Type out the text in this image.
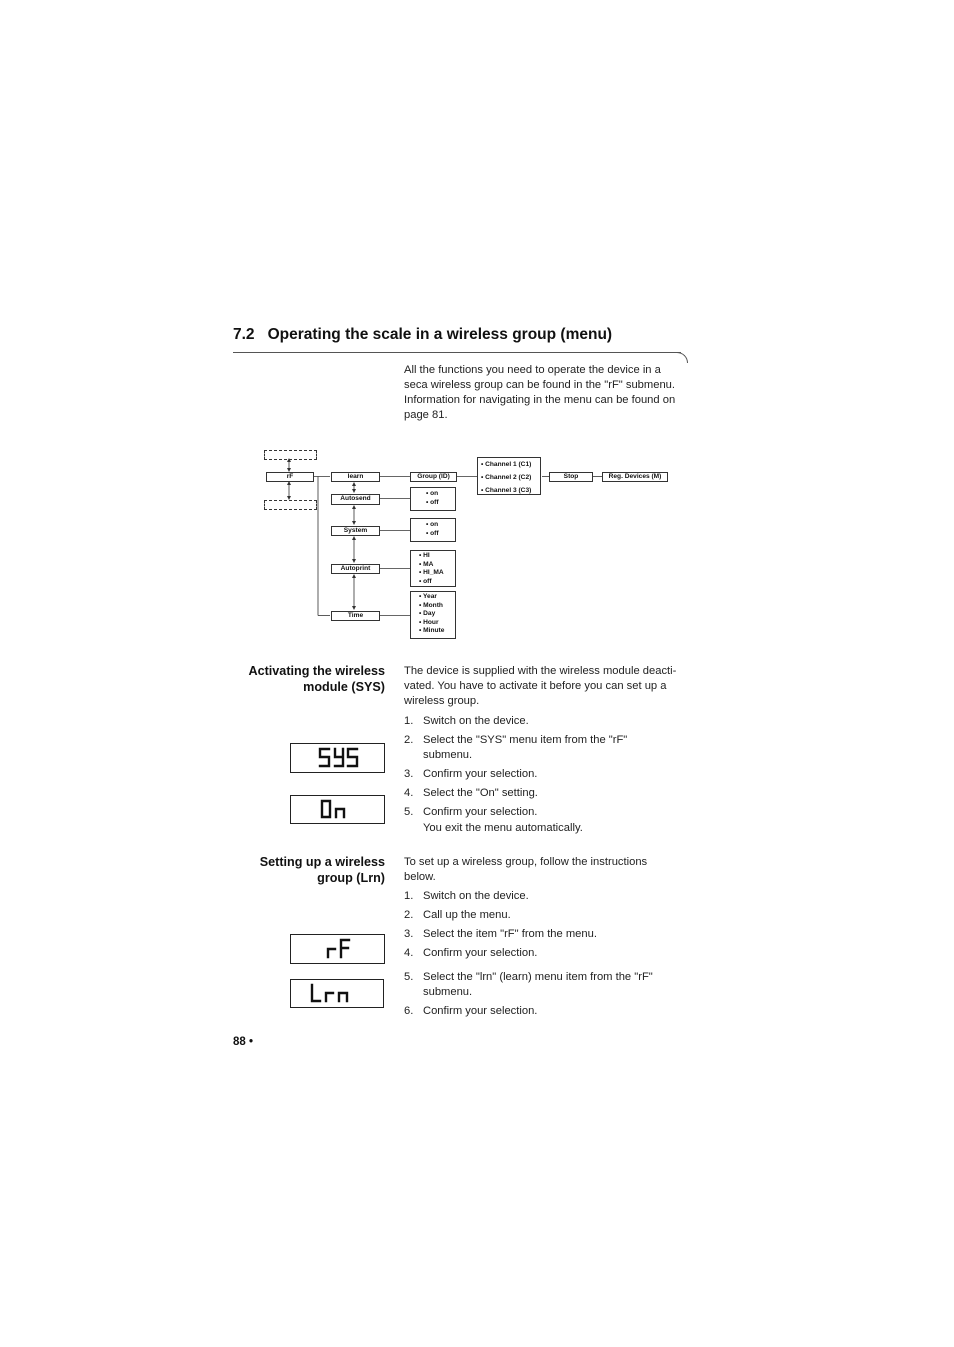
7.2 Operating the scale in a wireless group (menu)
All the functions you need to operate the device in a
seca wireless group can be found in the "rF" submenu.
Information for navigating in the menu can be found on
page 81.
rF	learn
Autosend
System
Autoprint
Time
Group (ID)
• Channel 1 (C1)
• Channel 2 (C2)
• Channel 3 (C3)
Stop	Reg. Devices (M)
• on
• off
• on
• off
• HI
• MA
• HI_MA
• off
• Year
• Month
• Day
• Hour
• Minute
Activating the wireless
module (SYS)
The device is supplied with the wireless module deacti-
vated. You have to activate it before you can set up a
wireless group.
1. Switch on the device.
2. Select the "SYS" menu item from the "rF"
submenu.
3. Confirm your selection.
4. Select the "On" setting.
5. Confirm your selection.
You exit the menu automatically.
Setting up a wireless
group (Lrn)
To set up a wireless group, follow the instructions
below.
1. Switch on the device.
2. Call up the menu.
3. Select the item "rF" from the menu.
4. Confirm your selection.
5. Select the "lrn" (learn) menu item from the "rF"
submenu.
6. Confirm your selection.
88 •
